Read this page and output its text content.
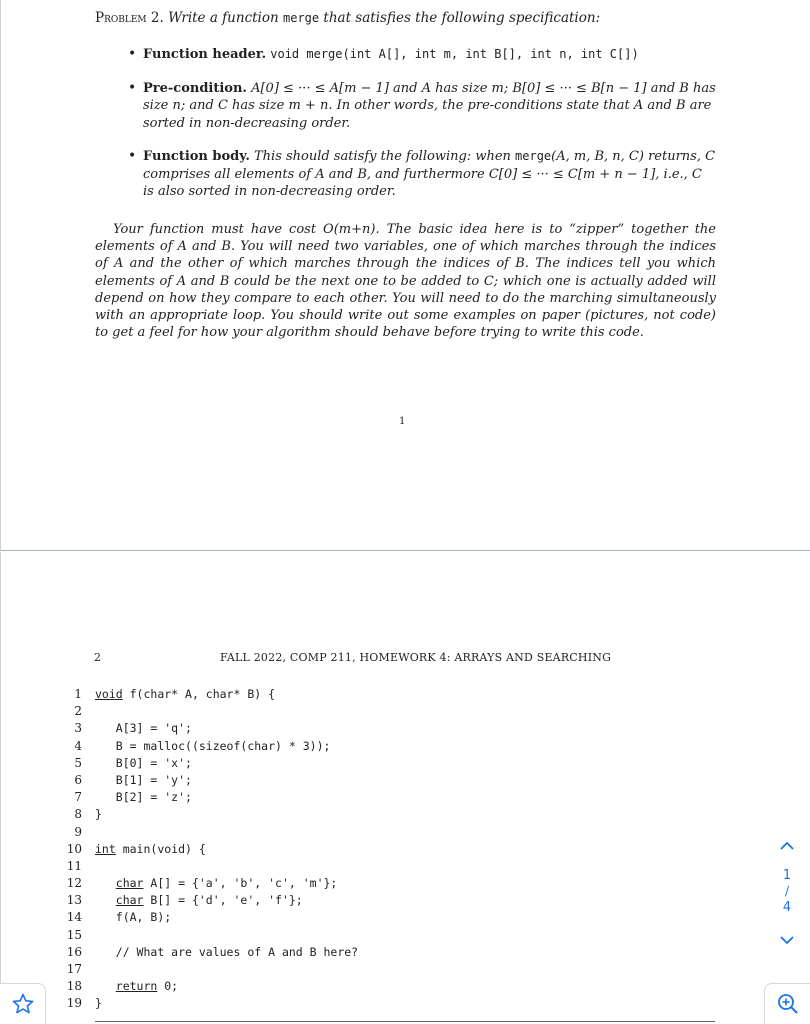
Problem 2. Write a function merge that satisfies the following specification:
• Function header. void merge(int A[], int m, int B[], int n, int C[])
• Pre-condition. A[0] ≤ ··· ≤ A[m − 1] and A has size m; B[0] ≤ ··· ≤ B[n − 1] and B has size n; and C has size m + n. In other words, the pre-conditions state that A and B are sorted in non-decreasing order.
• Function body. This should satisfy the following: when merge(A, m, B, n, C) returns, C comprises all elements of A and B, and furthermore C[0] ≤ ··· ≤ C[m + n − 1], i.e., C is also sorted in non-decreasing order.

Your function must have cost O(m+n). The basic idea here is to “zipper” together the elements of A and B. You will need two variables, one of which marches through the indices of A and the other of which marches through the indices of B. The indices tell you which elements of A and B could be the next one to be added to C; which one is actually added will depend on how they compare to each other. You will need to do the marching simultaneously with an appropriate loop. You should write out some examples on paper (pictures, not code) to get a feel for how your algorithm should behave before trying to write this code.

1
2	FALL 2022, COMP 211, HOMEWORK 4: ARRAYS AND SEARCHING
1 void f(char* A, char* B) {
2
3	A[3] = 'q';
4	B = malloc((sizeof(char) * 3));
5	B[0] = 'x';
6	B[1] = 'y';
7	B[2] = 'z';
8 }
9
10 int main(void) {
11
12	char A[] = {'a', 'b', 'c', 'm'};
13	char B[] = {'d', 'e', 'f'};
14	f(A, B);
15
16	// What are values of A and B here?
17
18	return 0;
19 }
1
/
4
